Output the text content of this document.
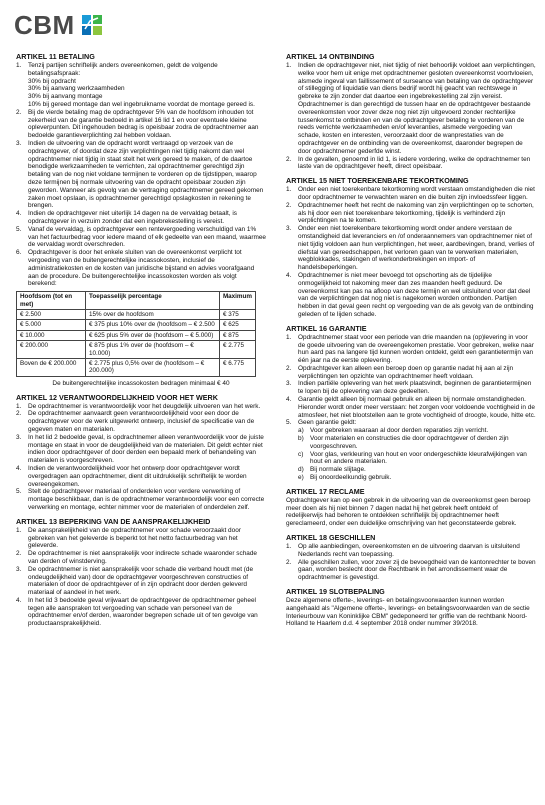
CBM
ARTIKEL 11 BETALING
1. Tenzij partijen schriftelijk anders overeenkomen, geldt de volgende betalingsafspraak:
30% bij opdracht
30% bij aanvang werkzaamheden
30% bij aanvang montage
10% bij gereed montage dan wel ingebruikname voordat de montage gereed is.
2. Bij de vierde betaling mag de opdrachtgever 5% van de hoofdsom inhouden tot zekerheid van de garantie bedoeld in artikel 16 lid 1 en voor eventuele kleine opleverpunten. Dit ingehouden bedrag is opeisbaar zodra de opdrachtnemer aan bedoelde garantieverplichting zal hebben voldaan.
3. Indien de uitvoering van de opdracht wordt vertraagd op verzoek van de opdrachtgever, of doordat deze zijn verplichtingen niet tijdig nakomt dan wel opdrachtnemer niet tijdig in staat stelt het werk gereed te maken, of de daartoe benodigde werkzaamheden te verrichten, zal opdrachtnemer gerechtigd zijn betaling van de nog niet voldane termijnen te vorderen op de tijdstippen, waarop deze termijnen bij normale uitvoering van de opdracht opeisbaar zouden zijn geworden. Wanneer als gevolg van de vertraging opdrachtnemer gereed gekomen zaken moet opslaan, is opdrachtnemer gerechtigd opslagkosten in rekening te brengen.
4. Indien de opdrachtgever niet uiterlijk 14 dagen na de vervaldag betaalt, is opdrachtgever in verzuim zonder dat een ingebrekestelling is vereist.
5. Vanaf de vervaldag, is opdrachtgever een rentevergoeding verschuldigd van 1% van het factuurbedrag voor iedere maand of elk gedeelte van een maand, waarmee de vervaldag wordt overschreden.
6. Opdrachtgever is door het enkele sluiten van de overeenkomst verplicht tot vergoeding van de buitengerechtelijke incassokosten, inclusief de administratiekosten en de kosten van juridische bijstand en advies voorafgaand aan de procedure. De buitengerechtelijke incassokosten worden als volgt berekend:
Hoofdsom (tot en met)	Toepasselijk percentage	Maximum
€ 2.500	15% over de hoofdsom	€ 375
€ 5.000	€ 375 plus 10% over de (hoofdsom – € 2.500	€ 625
€ 10.000	€ 625 plus 5% over de (hoofdsom – € 5.000)	€ 875
€ 200.000	€ 875 plus 1% over de (hoofdsom – € 10.000)	€ 2.775
Boven de € 200.000	€ 2.775 plus 0,5% over de (hoofdsom – € 200.000)	€ 6.775

De buitengerechtelijke incassokosten bedragen minimaal € 40

ARTIKEL 12 VERANTWOORDELIJKHEID VOOR HET WERK
1. De opdrachtnemer is verantwoordelijk voor het deugdelijk uitvoeren van het werk.
2. De opdrachtnemer aanvaardt geen verantwoordelijkheid voor een door de opdrachtgever voor de werk uitgewerkt ontwerp, inclusief de specificatie van de gegeven maten en materialen.
3. In het lid 2 bedoelde geval, is opdrachtnemer alleen verantwoordelijk voor de juiste montage en staat in voor de deugdelijkheid van de materialen. Dit geldt echter niet indien door opdrachtgever of door derden een bepaald merk of behandeling van materialen is voorgeschreven.
4. Indien de verantwoordelijkheid voor het ontwerp door opdrachtgever wordt overgedragen aan opdrachtnemer, dient dit uitdrukkelijk schriftelijk te worden overeengekomen.
5. Stelt de opdrachtgever materiaal of onderdelen voor verdere verwerking of montage beschikbaar, dan is de opdrachtnemer verantwoordelijk voor een correcte verwerking en montage, echter nimmer voor de materialen of onderdelen zelf.
ARTIKEL 13 BEPERKING VAN DE AANSPRAKELIJKHEID
1. De aansprakelijkheid van de opdrachtnemer voor schade veroorzaakt door gebreken van het geleverde is beperkt tot het netto factuurbedrag van het geleverde.
2. De opdrachtnemer is niet aansprakelijk voor indirecte schade waaronder schade van derden of winstderving.
3. De opdrachtnemer is niet aansprakelijk voor schade die verband houdt met (de ondeugdelijkheid van) door de opdrachtgever voorgeschreven constructies of materialen of door de opdrachtgever of in zijn opdracht door derden geleverd materiaal of aandeel in het werk.
4. In het lid 3 bedoelde geval vrijwaart de opdrachtgever de opdrachtnemer geheel tegen alle aanspraken tot vergoeding van schade van personeel van de opdrachtnemer en/of derden, waaronder begrepen schade uit of ten gevolge van productaansprakelijkheid.
ARTIKEL 14 ONTBINDING
1. Indien de opdrachtgever niet, niet tijdig of niet behoorlijk voldoet aan verplichtingen, welke voor hem uit enige met opdrachtnemer gesloten overeenkomst voortvloeien, alsmede ingeval van faillissement of surseance van betaling van de opdrachtgever of stillegging of liquidatie van diens bedrijf wordt hij geacht van rechtswege in gebreke te zijn zonder dat daartoe een ingebrekestelling zal zijn vereist. Opdrachtnemer is dan gerechtigd de tussen haar en de opdrachtgever bestaande overeenkomsten voor zover deze nog niet zijn uitgevoerd zonder rechterlijke tussenkomst te ontbinden en van de opdrachtgever betaling te vorderen van de reeds verrichte werkzaamheden en/of leveranties, alsmede vergoeding van schade, kosten en interesten, veroorzaakt door de wanprestaties van de opdrachtgever en de ontbinding van de overeenkomst, daaronder begrepen de door opdrachtnemer gederfde winst.
2. In de gevallen, genoemd in lid 1, is iedere vordering, welke de opdrachtnemer ten laste van de opdrachtgever heeft, direct opeisbaar.
ARTIKEL 15 NIET TOEREKENBARE TEKORTKOMING
1. Onder een niet toerekenbare tekortkoming wordt verstaan omstandigheden die niet door opdrachtnemer te verwachten waren en die buiten zijn invloedssfeer liggen.
2. Opdrachtnemer heeft het recht de nakoming van zijn verplichtingen op te schorten, als hij door een niet toerekenbare tekortkoming, tijdelijk is verhinderd zijn verplichtingen na te komen.
3. Onder een niet toerekenbare tekortkoming wordt onder andere verstaan de omstandigheid dat leveranciers en /of onderaannemers van opdrachtnemer niet of niet tijdig voldoen aan hun verplichtingen, het weer, aardbevingen, brand, verlies of diefstal van gereedschappen, het verloren gaan van te verwerken materialen, wegblokkades, stakingen of werkonderbrekingen en import- of handelsbeperkingen.
4. Opdrachtnemer is niet meer bevoegd tot opschorting als de tijdelijke onmogelijkheid tot nakoming meer dan zes maanden heeft geduurd. De overeenkomst kan pas na afloop van deze termijn en wel uitsluitend voor dat deel van de verplichtingen dat nog niet is nagekomen worden ontbonden. Partijen hebben in dat geval geen recht op vergoeding van de als gevolg van de ontbinding geleden of te lijden schade.
ARTIKEL 16 GARANTIE
1. Opdrachtnemer staat voor een periode van drie maanden na (op)levering in voor de goede uitvoering van de overeengekomen prestatie. Voor gebreken, welke naar hun aard pas na langere tijd kunnen worden ontdekt, geldt een garantietermijn van één jaar na de eerste oplevering.
2. Opdrachtgever kan alleen een beroep doen op garantie nadat hij aan al zijn verplichtingen ten opzichte van opdrachtnemer heeft voldaan.
3. Indien partiële oplevering van het werk plaatsvindt, beginnen de garantietermijnen te lopen bij de oplevering van deze gedeelten.
4. Garantie geldt alleen bij normaal gebruik en alleen bij normale omstandigheden. Hieronder wordt onder meer verstaan: het zorgen voor voldoende vochtigheid in de atmosfeer, het niet blootstellen aan te grote vochtigheid of droogte, koude, hitte etc.
5. Geen garantie geldt:
a) Voor gebreken waaraan al door derden reparaties zijn verricht.
b) Voor materialen en constructies die door opdrachtgever of derden zijn voorgeschreven.
c) Voor glas, verkleuring van hout en voor ondergeschikte kleurafwijkingen van hout en andere materialen.
d) Bij normale slijtage.
e) Bij onoordeelkundig gebruik.
ARTIKEL 17 RECLAME

Opdrachtgever kan op een gebrek in de uitvoering van de overeenkomst geen beroep meer doen als hij niet binnen 7 dagen nadat hij het gebrek heeft ontdekt of redelijkerwijs had behoren te ontdekken schriftelijk bij opdrachtnemer heeft gereclameerd, onder een duidelijke omschrijving van het geconstateerde gebrek.

ARTIKEL 18 GESCHILLEN
1. Op alle aanbiedingen, overeenkomsten en de uitvoering daarvan is uitsluitend Nederlands recht van toepassing.
2. Alle geschillen zullen, voor zover zij de bevoegdheid van de kantonrechter te boven gaan, worden beslecht door de Rechtbank in het arrondissement waar de opdrachtnemer is gevestigd.
ARTIKEL 19 SLOTBEPALING

Deze algemene offerte-, leverings- en betalingsvoorwaarden kunnen worden aangehaald als "Algemene offerte-, leverings- en betalingsvoorwaarden van de sectie Interieurbouw van Koninklijke CBM" gedeponeerd ter griffie van de rechtbank Noord-Holland te Haarlem d.d. 4 september 2018 onder nummer 39/2018.
